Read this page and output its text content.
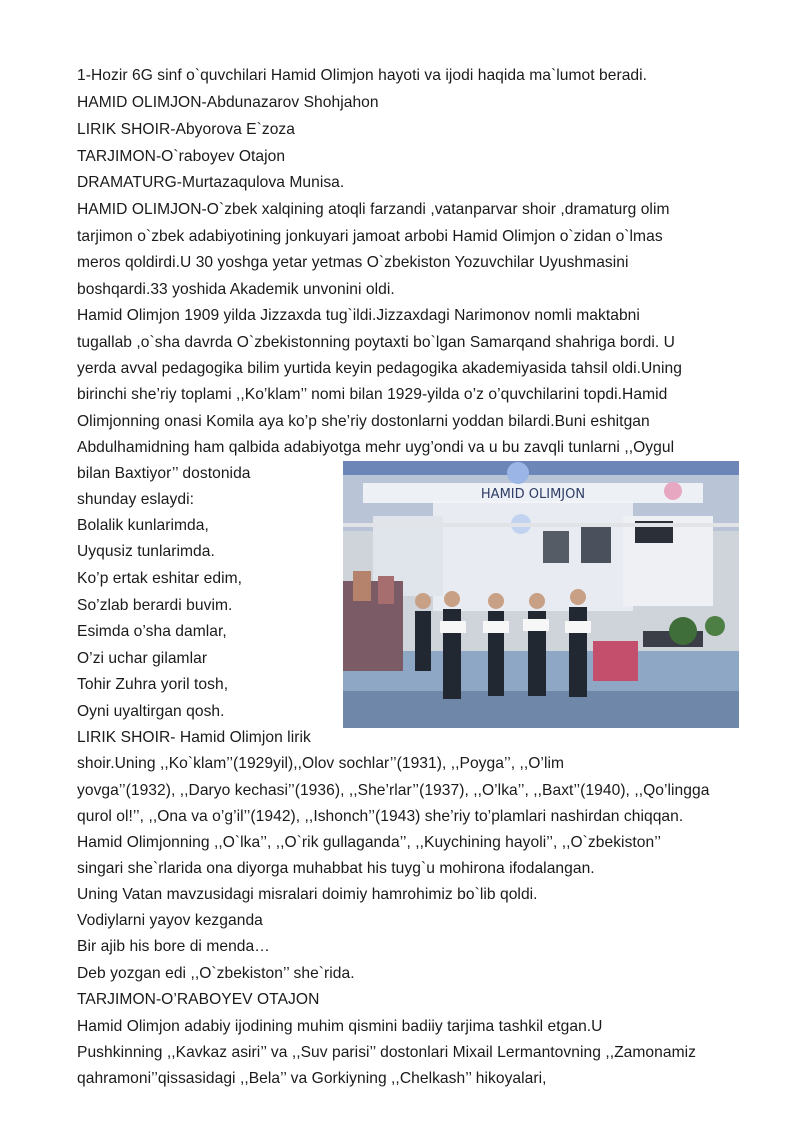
1-Hozir 6G sinf o`quvchilari Hamid Olimjon hayoti va ijodi haqida ma`lumot beradi.
HAMID OLIMJON-Abdunazarov Shohjahon
LIRIK SHOIR-Abyorova E`zoza
TARJIMON-O`raboyev Otajon
DRAMATURG-Murtazaqulova Munisa.
HAMID OLIMJON-O`zbek xalqining atoqli farzandi ,vatanparvar shoir ,dramaturg olim
tarjimon o`zbek adabiyotining jonkuyari jamoat arbobi Hamid Olimjon o`zidan o`lmas
meros qoldirdi.U 30 yoshga yetar yetmas O`zbekiston Yozuvchilar Uyushmasini
boshqardi.33 yoshida Akademik unvonini oldi.
Hamid Olimjon 1909 yilda Jizzaxda tug`ildi.Jizzaxdagi Narimonov nomli maktabni
tugallab ,o`sha davrda O`zbekistonning poytaxti bo`lgan Samarqand shahriga bordi. U
yerda avval pedagogika bilim yurtida keyin pedagogika akademiyasida tahsil oldi.Uning
birinchi she’riy toplami ,,Ko’klam’’ nomi bilan 1929-yilda o’z o’quvchilarini topdi.Hamid
Olimjonning onasi Komila aya ko’p she’riy dostonlarni yoddan bilardi.Buni eshitgan
Abdulhamidning ham qalbida adabiyotga mehr uyg’ondi va u bu zavqli tunlarni ,,Oygul
bilan Baxtiyor’’ dostonida
shunday eslaydi:
Bolalik kunlarimda,
Uyqusiz tunlarimda.
Ko’p ertak eshitar edim,
So’zlab berardi buvim.
Esimda o’sha damlar,
O’zi uchar gilamlar
Tohir Zuhra yoril tosh,
Oyni uyaltirgan qosh.
LIRIK SHOIR- Hamid Olimjon lirik
shoir.Uning ,,Ko`klam’’(1929yil),,Olov sochlar’’(1931), ,,Poyga’’, ,,O’lim
yovga’’(1932), ,,Daryo kechasi’’(1936), ,,She’rlar’’(1937), ,,O’lka’’, ,,Baxt’’(1940), ,,Qo’lingga
qurol ol!’’, ,,Ona va o’g’il’’(1942), ,,Ishonch’’(1943) she’riy to’plamlari nashirdan chiqqan.
Hamid Olimjonning ,,O`lka’’, ,,O`rik gullaganda’’, ,,Kuychining hayoli’’, ,,O`zbekiston’’
singari she`rlarida ona diyorga muhabbat his tuyg`u mohirona ifodalangan.
Uning Vatan mavzusidagi misralari doimiy hamrohimiz bo`lib qoldi.
Vodiylarni yayov kezganda
Bir ajib his bore di menda…
Deb yozgan edi ,,O`zbekiston’’ she`rida.
TARJIMON-O’RABOYEV OTAJON
Hamid Olimjon adabiy ijodining muhim qismini badiiy tarjima tashkil etgan.U
Pushkinning ,,Kavkaz asiri’’ va ,,Suv parisi’’ dostonlari Mixail Lermantovning ,,Zamonamiz
qahramoni’’qissasidagi ,,Bela’’ va Gorkiyning ,,Chelkash’’ hikoyalari,
HAMID OLIMJON
